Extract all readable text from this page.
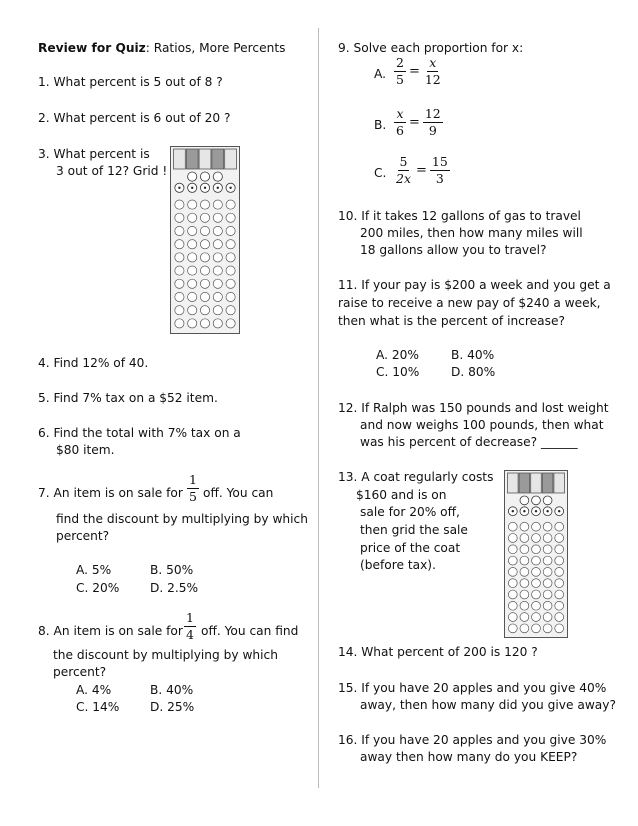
Review for Quiz: Ratios, More Percents
1. What percent is 5 out of 8 ?
2. What percent is 6 out of 20 ?
3. What percent is
3 out of 12? Grid !
4. Find 12% of 40.
5. Find 7% tax on a $52 item.
6. Find the total with 7% tax on a
$80 item.
7. An item is on sale for $\frac{1}{5}$ off. You can
find the discount by multiplying by which
percent?
A. 5%	B. 50%
C. 20%	D. 2.5%
8. An item is on sale for $\frac{1}{4}$ off. You can find
the discount by multiplying by which
percent?
A. 4%	B. 40%
C. 14%	D. 25%
9. Solve each proportion for x:
A. $\frac{2}{5} = \frac{x}{12}$
B. $\frac{x}{6} = \frac{12}{9}$
C. $\frac{5}{2x} = \frac{15}{3}$
10. If it takes 12 gallons of gas to travel
200 miles, then how many miles will
18 gallons allow you to travel?
11. If your pay is $200 a week and you get a
raise to receive a new pay of $240 a week,
then what is the percent of increase?
A. 20%	B. 40%
C. 10%	D. 80%
12. If Ralph was 150 pounds and lost weight
and now weighs 100 pounds, then what
was his percent of decrease? ______
13. A coat regularly costs
$160 and is on
sale for 20% off,
then grid the sale
price of the coat
(before tax).
14. What percent of 200 is 120 ?
15. If you have 20 apples and you give 40%
away, then how many did you give away?
16. If you have 20 apples and you give 30%
away then how many do you KEEP?
